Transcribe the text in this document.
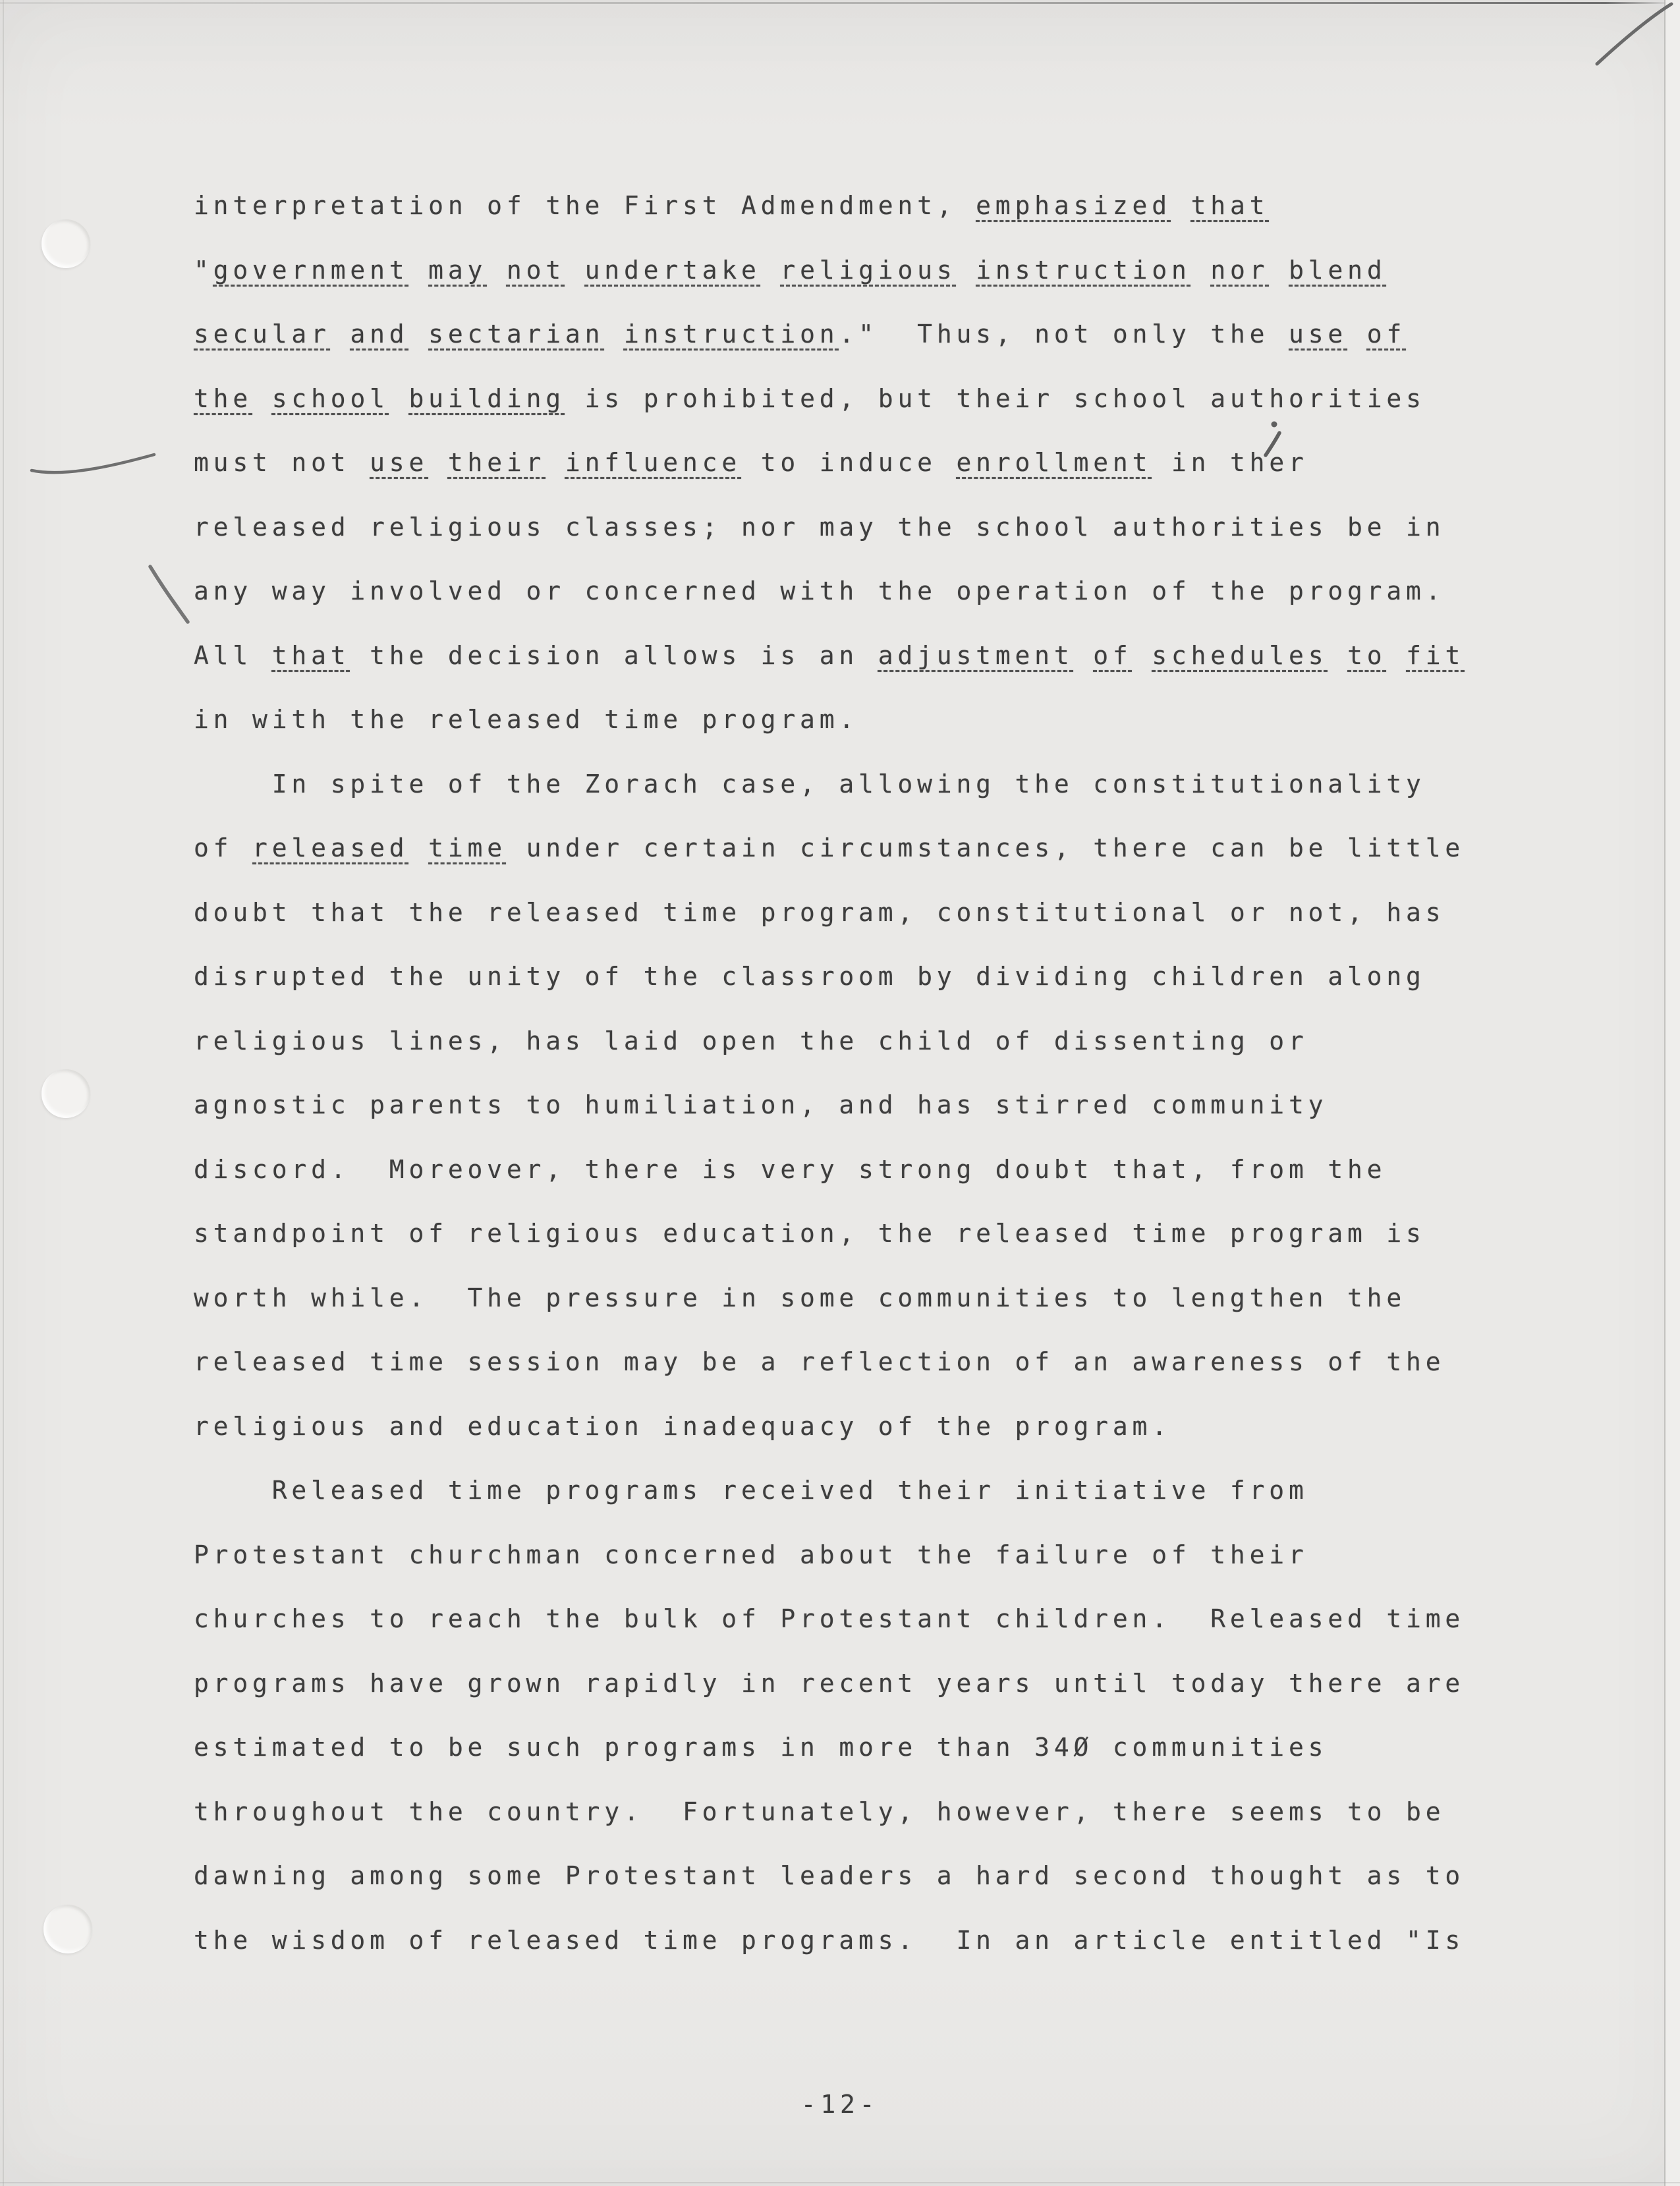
interpretation of the First Admendment, emphasized that
"government may not undertake religious instruction nor blend
secular and sectarian instruction."  Thus, not only the use of
the school building is prohibited, but their school authorities
must not use their influence to induce enrollment in ther
released religious classes; nor may the school authorities be in
any way involved or concerned with the operation of the program.
All that the decision allows is an adjustment of schedules to fit
in with the released time program.
In spite of the Zorach case, allowing the constitutionality
of released time under certain circumstances, there can be little
doubt that the released time program, constitutional or not, has
disrupted the unity of the classroom by dividing children along
religious lines, has laid open the child of dissenting or
agnostic parents to humiliation, and has stirred community
discord.  Moreover, there is very strong doubt that, from the
standpoint of religious education, the released time program is
worth while.  The pressure in some communities to lengthen the
released time session may be a reflection of an awareness of the
religious and education inadequacy of the program.
Released time programs received their initiative from
Protestant churchman concerned about the failure of their
churches to reach the bulk of Protestant children.  Released time
programs have grown rapidly in recent years until today there are
estimated to be such programs in more than 34Ø communities
throughout the country.  Fortunately, however, there seems to be
dawning among some Protestant leaders a hard second thought as to
the wisdom of released time programs.  In an article entitled "Is
-12-
